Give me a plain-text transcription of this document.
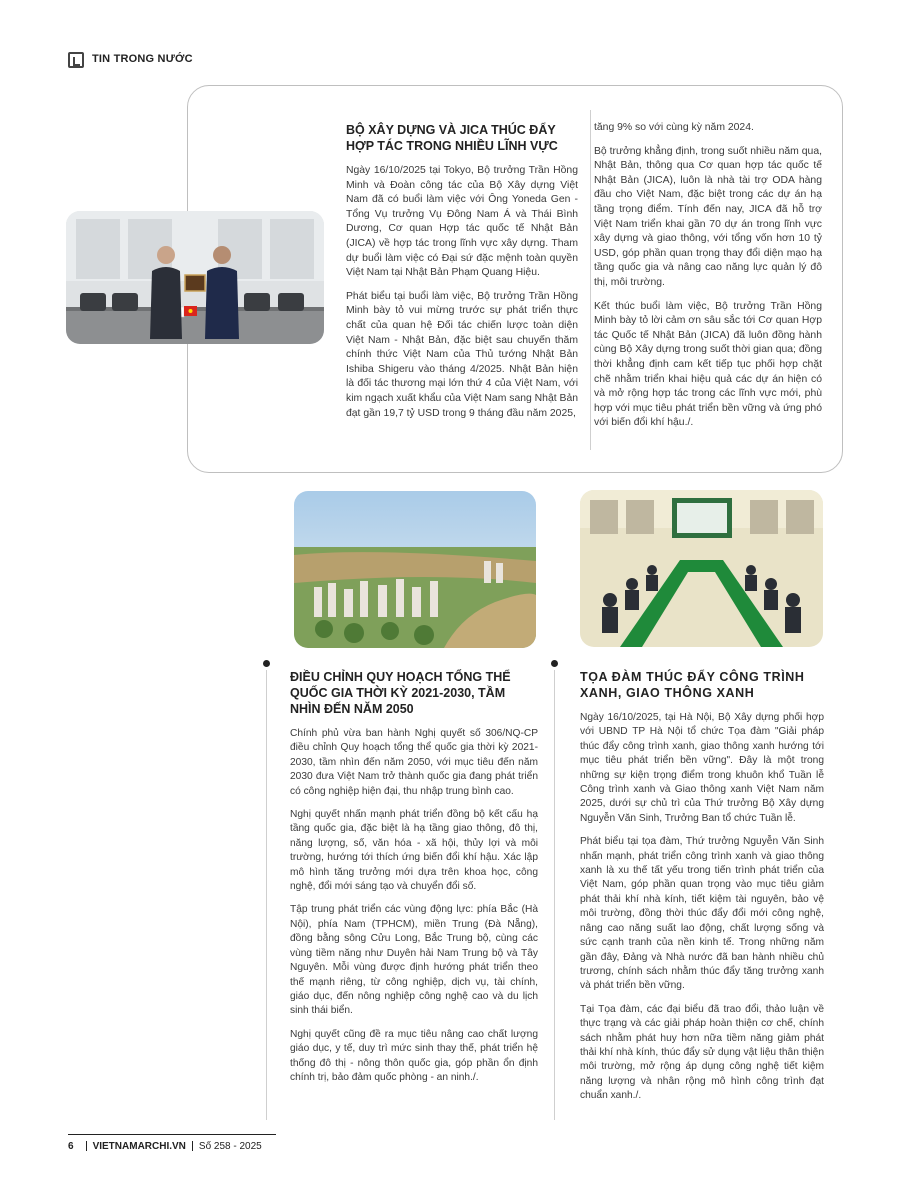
TIN TRONG NƯỚC
BỘ XÂY DỰNG VÀ JICA THÚC ĐẨY HỢP TÁC TRONG NHIỀU LĨNH VỰC

Ngày 16/10/2025 tại Tokyo, Bộ trưởng Trần Hồng Minh và Đoàn công tác của Bộ Xây dựng Việt Nam đã có buổi làm việc với Ông Yoneda Gen - Tổng Vụ trưởng Vụ Đông Nam Á và Thái Bình Dương, Cơ quan Hợp tác quốc tế Nhật Bản (JICA) về hợp tác trong lĩnh vực xây dựng. Tham dự buổi làm việc có Đại sứ đặc mệnh toàn quyền Việt Nam tại Nhật Bản Phạm Quang Hiệu.

Phát biểu tại buổi làm việc, Bộ trưởng Trần Hồng Minh bày tỏ vui mừng trước sự phát triển thực chất của quan hệ Đối tác chiến lược toàn diện Việt Nam - Nhật Bản, đặc biệt sau chuyến thăm chính thức Việt Nam của Thủ tướng Nhật Bản Ishiba Shigeru vào tháng 4/2025. Nhật Bản hiện là đối tác thương mại lớn thứ 4 của Việt Nam, với kim ngạch xuất khẩu của Việt Nam sang Nhật Bản đạt gần 19,7 tỷ USD trong 9 tháng đầu năm 2025,

tăng 9% so với cùng kỳ năm 2024.

Bộ trưởng khẳng định, trong suốt nhiều năm qua, Nhật Bản, thông qua Cơ quan hợp tác quốc tế Nhật Bản (JICA), luôn là nhà tài trợ ODA hàng đầu cho Việt Nam, đặc biệt trong các dự án hạ tầng trọng điểm. Tính đến nay, JICA đã hỗ trợ Việt Nam triển khai gần 70 dự án trong lĩnh vực xây dựng và giao thông, với tổng vốn hơn 10 tỷ USD, góp phần quan trọng thay đổi diện mạo hạ tầng quốc gia và nâng cao năng lực quản lý đô thị, môi trường.

Kết thúc buổi làm việc, Bộ trưởng Trần Hồng Minh bày tỏ lời cảm ơn sâu sắc tới Cơ quan Hợp tác Quốc tế Nhật Bản (JICA) đã luôn đồng hành cùng Bộ Xây dựng trong suốt thời gian qua; đồng thời khẳng định cam kết tiếp tục phối hợp chặt chẽ nhằm triển khai hiệu quả các dự án hiện có và mở rộng hợp tác trong các lĩnh vực mới, phù hợp với mục tiêu phát triển bền vững và ứng phó với biến đổi khí hậu./.

ĐIỀU CHỈNH QUY HOẠCH TỔNG THỂ QUỐC GIA THỜI KỲ 2021-2030, TẦM NHÌN ĐẾN NĂM 2050

Chính phủ vừa ban hành Nghị quyết số 306/NQ-CP điều chỉnh Quy hoạch tổng thể quốc gia thời kỳ 2021-2030, tầm nhìn đến năm 2050, với mục tiêu đến năm 2030 đưa Việt Nam trở thành quốc gia đang phát triển có công nghiệp hiện đại, thu nhập trung bình cao.

Nghị quyết nhấn mạnh phát triển đồng bộ kết cấu hạ tầng quốc gia, đặc biệt là hạ tầng giao thông, đô thị, năng lượng, số, văn hóa - xã hội, thủy lợi và môi trường, hướng tới thích ứng biến đổi khí hậu. Xác lập mô hình tăng trưởng mới dựa trên khoa học, công nghệ, đổi mới sáng tạo và chuyển đổi số.

Tập trung phát triển các vùng động lực: phía Bắc (Hà Nội), phía Nam (TPHCM), miền Trung (Đà Nẵng), đồng bằng sông Cửu Long, Bắc Trung bộ, cùng các vùng tiềm năng như Duyên hải Nam Trung bộ và Tây Nguyên. Mỗi vùng được định hướng phát triển theo thế mạnh riêng, từ công nghiệp, dịch vụ, tài chính, giáo dục, đến nông nghiệp công nghệ cao và du lịch sinh thái biển.

Nghị quyết cũng đề ra mục tiêu nâng cao chất lượng giáo dục, y tế, duy trì mức sinh thay thế, phát triển hệ thống đô thị - nông thôn quốc gia, góp phần ổn định chính trị, bảo đảm quốc phòng - an ninh./.

TỌA ĐÀM THÚC ĐẨY CÔNG TRÌNH XANH, GIAO THÔNG XANH

Ngày 16/10/2025, tại Hà Nội, Bộ Xây dựng phối hợp với UBND TP Hà Nội tổ chức Tọa đàm "Giải pháp thúc đẩy công trình xanh, giao thông xanh hướng tới mục tiêu phát triển bền vững". Đây là một trong những sự kiện trọng điểm trong khuôn khổ Tuần lễ Công trình xanh và Giao thông xanh Việt Nam năm 2025, dưới sự chủ trì của Thứ trưởng Bộ Xây dựng Nguyễn Văn Sinh, Trưởng Ban tổ chức Tuần lễ.

Phát biểu tại tọa đàm, Thứ trưởng Nguyễn Văn Sinh nhấn mạnh, phát triển công trình xanh và giao thông xanh là xu thế tất yếu trong tiến trình phát triển của Việt Nam, góp phần quan trọng vào mục tiêu giảm phát thải khí nhà kính, tiết kiệm tài nguyên, bảo vệ môi trường, đồng thời thúc đẩy đổi mới công nghệ, nâng cao năng suất lao động, chất lượng sống và sức cạnh tranh của nền kinh tế. Trong những năm gần đây, Đảng và Nhà nước đã ban hành nhiều chủ trương, chính sách nhằm thúc đẩy tăng trưởng xanh và phát triển bền vững.

Tại Tọa đàm, các đại biểu đã trao đổi, thảo luận về thực trạng và các giải pháp hoàn thiện cơ chế, chính sách nhằm phát huy hơn nữa tiềm năng giảm phát thải khí nhà kính, thúc đẩy sử dụng vật liệu thân thiện môi trường, mở rộng áp dụng công nghệ tiết kiệm năng lượng và nhân rộng mô hình công trình đạt chuẩn xanh./.

6 VIETNAMARCHI.VN Số 258 - 2025
